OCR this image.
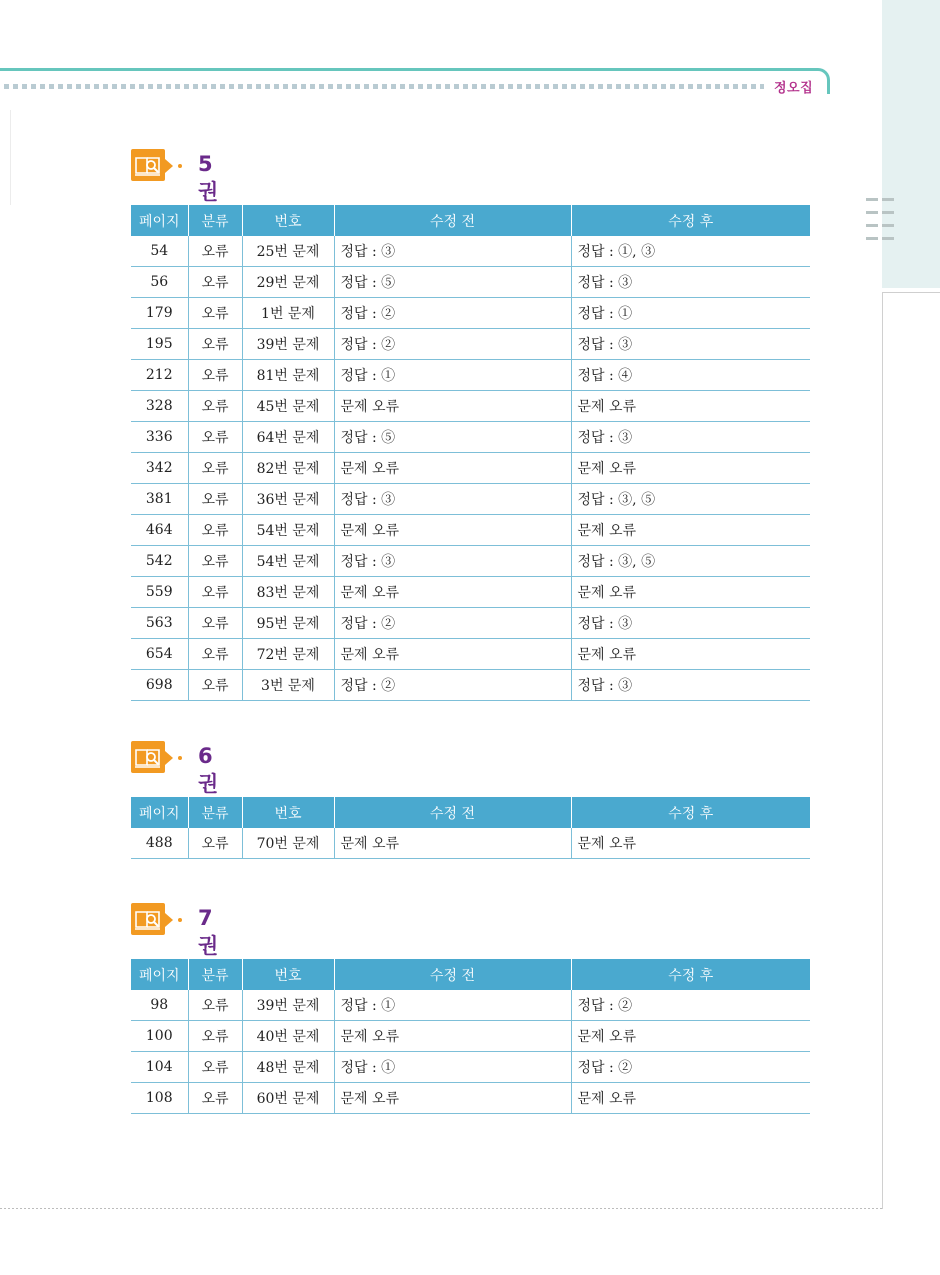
정오집
5권
페이지	분류	번호	수정 전	수정 후
54	오류	25번 문제	정답 : ③	정답 : ①, ③
56	오류	29번 문제	정답 : ⑤	정답 : ③
179	오류	1번 문제	정답 : ②	정답 : ①
195	오류	39번 문제	정답 : ②	정답 : ③
212	오류	81번 문제	정답 : ①	정답 : ④
328	오류	45번 문제	문제 오류	문제 오류
336	오류	64번 문제	정답 : ⑤	정답 : ③
342	오류	82번 문제	문제 오류	문제 오류
381	오류	36번 문제	정답 : ③	정답 : ③, ⑤
464	오류	54번 문제	문제 오류	문제 오류
542	오류	54번 문제	정답 : ③	정답 : ③, ⑤
559	오류	83번 문제	문제 오류	문제 오류
563	오류	95번 문제	정답 : ②	정답 : ③
654	오류	72번 문제	문제 오류	문제 오류
698	오류	3번 문제	정답 : ②	정답 : ③
6권
페이지	분류	번호	수정 전	수정 후
488	오류	70번 문제	문제 오류	문제 오류
7권
페이지	분류	번호	수정 전	수정 후
98	오류	39번 문제	정답 : ①	정답 : ②
100	오류	40번 문제	문제 오류	문제 오류
104	오류	48번 문제	정답 : ①	정답 : ②
108	오류	60번 문제	문제 오류	문제 오류
